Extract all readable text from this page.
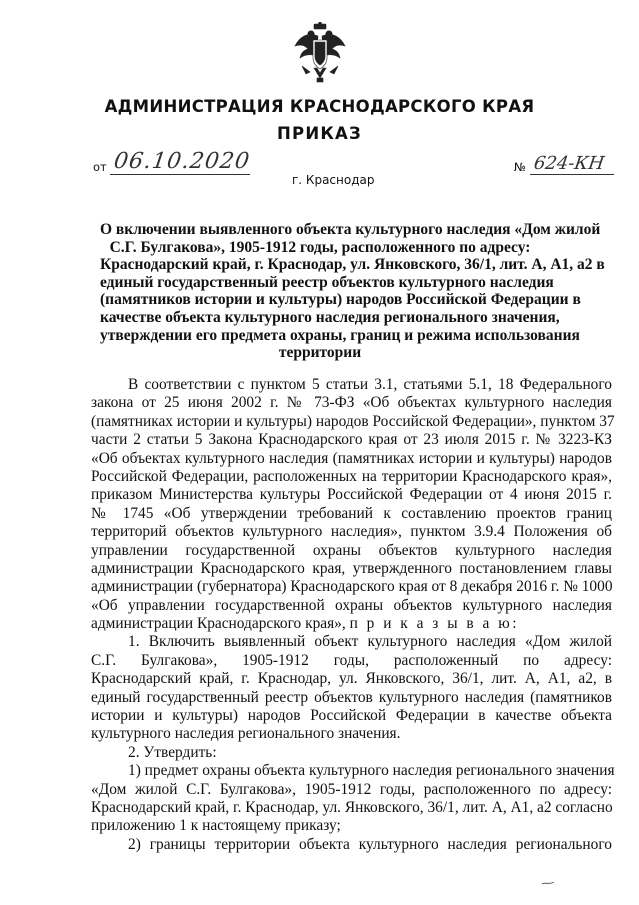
АДМИНИСТРАЦИЯ КРАСНОДАРСКОГО КРАЯ
ПРИКАЗ
от 06.10.2020	№ 624-КН
г. Краснодар
О включении выявленного объекта культурного наследия «Дом жилой
С.Г. Булгакова», 1905-1912 годы, расположенного по адресу:
Краснодарский край, г. Краснодар, ул. Янковского, 36/1, лит. А, А1, а2 в
единый государственный реестр объектов культурного наследия
(памятников истории и культуры) народов Российской Федерации в
качестве объекта культурного наследия регионального значения,
утверждении его предмета охраны, границ и режима использования
территории
В соответствии с пунктом 5 статьи 3.1, статьями 5.1, 18 Федерального
закона от 25 июня 2002 г. № 73-ФЗ «Об объектах культурного наследия
(памятниках истории и культуры) народов Российской Федерации», пунктом 37
части 2 статьи 5 Закона Краснодарского края от 23 июля 2015 г. № 3223-КЗ
«Об объектах культурного наследия (памятниках истории и культуры) народов
Российской Федерации, расположенных на территории Краснодарского края»,
приказом Министерства культуры Российской Федерации от 4 июня 2015 г.
№ 1745 «Об утверждении требований к составлению проектов границ
территорий объектов культурного наследия», пунктом 3.9.4 Положения об
управлении государственной охраны объектов культурного наследия
администрации Краснодарского края, утвержденного постановлением главы
администрации (губернатора) Краснодарского края от 8 декабря 2016 г. № 1000
«Об управлении государственной охраны объектов культурного наследия
администрации Краснодарского края», п р и к а з ы в а ю:
1. Включить выявленный объект культурного наследия «Дом жилой
С.Г. Булгакова», 1905-1912 годы, расположенный по адресу:
Краснодарский край, г. Краснодар, ул. Янковского, 36/1, лит. А, А1, а2, в
единый государственный реестр объектов культурного наследия (памятников
истории и культуры) народов Российской Федерации в качестве объекта
культурного наследия регионального значения.
2. Утвердить:
1) предмет охраны объекта культурного наследия регионального значения
«Дом жилой С.Г. Булгакова», 1905-1912 годы, расположенного по адресу:
Краснодарский край, г. Краснодар, ул. Янковского, 36/1, лит. А, А1, а2 согласно
приложению 1 к настоящему приказу;
2) границы территории объекта культурного наследия регионального
